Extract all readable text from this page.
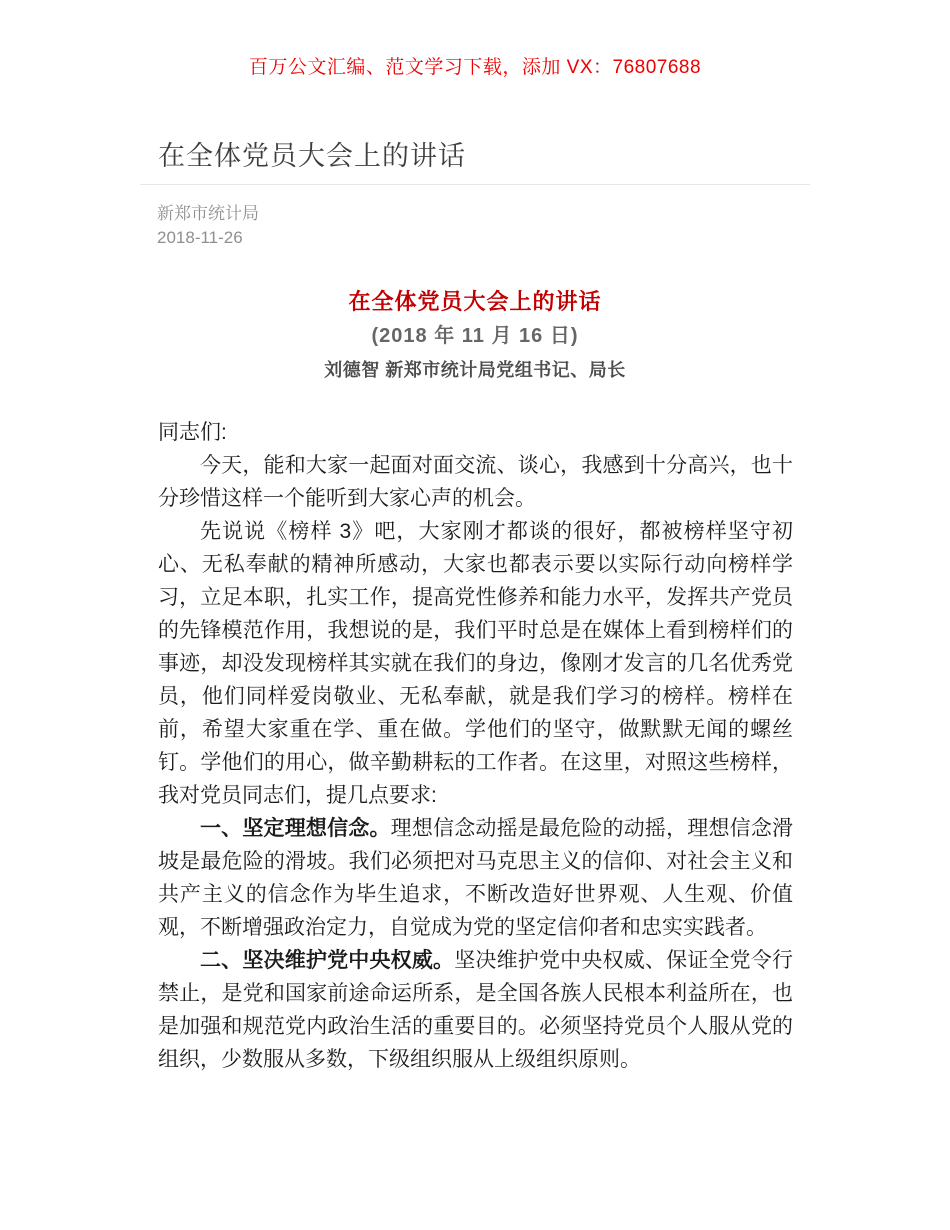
百万公文汇编、范文学习下载，添加 VX：76807688
在全体党员大会上的讲话
新郑市统计局
2018-11-26
在全体党员大会上的讲话
(2018 年 11 月 16 日)
刘德智 新郑市统计局党组书记、局长

同志们:

今天，能和大家一起面对面交流、谈心，我感到十分高兴，也十分珍惜这样一个能听到大家心声的机会。

先说说《榜样 3》吧，大家刚才都谈的很好，都被榜样坚守初心、无私奉献的精神所感动，大家也都表示要以实际行动向榜样学习，立足本职，扎实工作，提高党性修养和能力水平，发挥共产党员的先锋模范作用，我想说的是，我们平时总是在媒体上看到榜样们的事迹，却没发现榜样其实就在我们的身边，像刚才发言的几名优秀党员，他们同样爱岗敬业、无私奉献，就是我们学习的榜样。榜样在前，希望大家重在学、重在做。学他们的坚守，做默默无闻的螺丝钉。学他们的用心，做辛勤耕耘的工作者。在这里，对照这些榜样，我对党员同志们，提几点要求:

一、坚定理想信念。理想信念动摇是最危险的动摇，理想信念滑坡是最危险的滑坡。我们必须把对马克思主义的信仰、对社会主义和共产主义的信念作为毕生追求，不断改造好世界观、人生观、价值观，不断增强政治定力，自觉成为党的坚定信仰者和忠实实践者。

二、坚决维护党中央权威。坚决维护党中央权威、保证全党令行禁止，是党和国家前途命运所系，是全国各族人民根本利益所在，也是加强和规范党内政治生活的重要目的。必须坚持党员个人服从党的组织，少数服从多数，下级组织服从上级组织原则。
